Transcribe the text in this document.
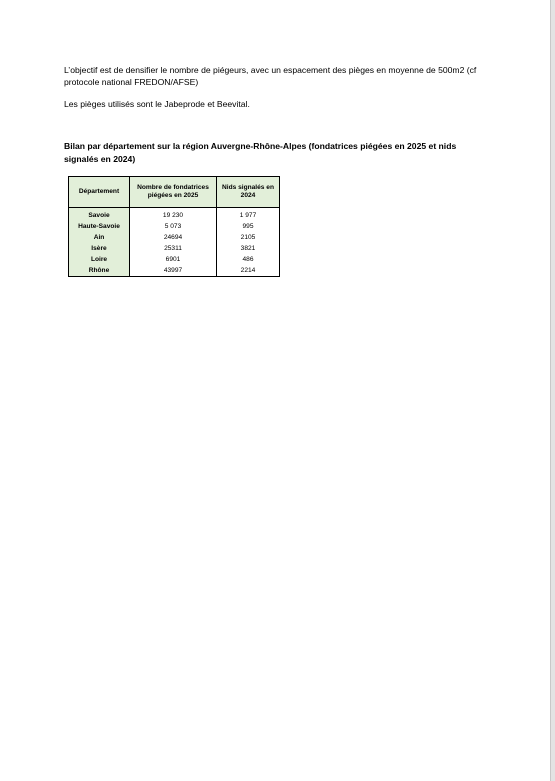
L’objectif est de densifier le nombre de piégeurs, avec un espacement des pièges en moyenne de 500m2 (cf protocole national FREDON/AFSE)

Les pièges utilisés sont le Jabeprode et Beevital.

Bilan par département sur la région Auvergne-Rhône-Alpes (fondatrices piégées en 2025 et nids signalés en 2024)

Département	Nombre de fondatrices piégées en 2025	Nids signalés en 2024
Savoie	19 230	1 977
Haute-Savoie	5 073	995
Ain	24694	2105
Isère	25311	3821
Loire	6901	486
Rhône	43997	2214
